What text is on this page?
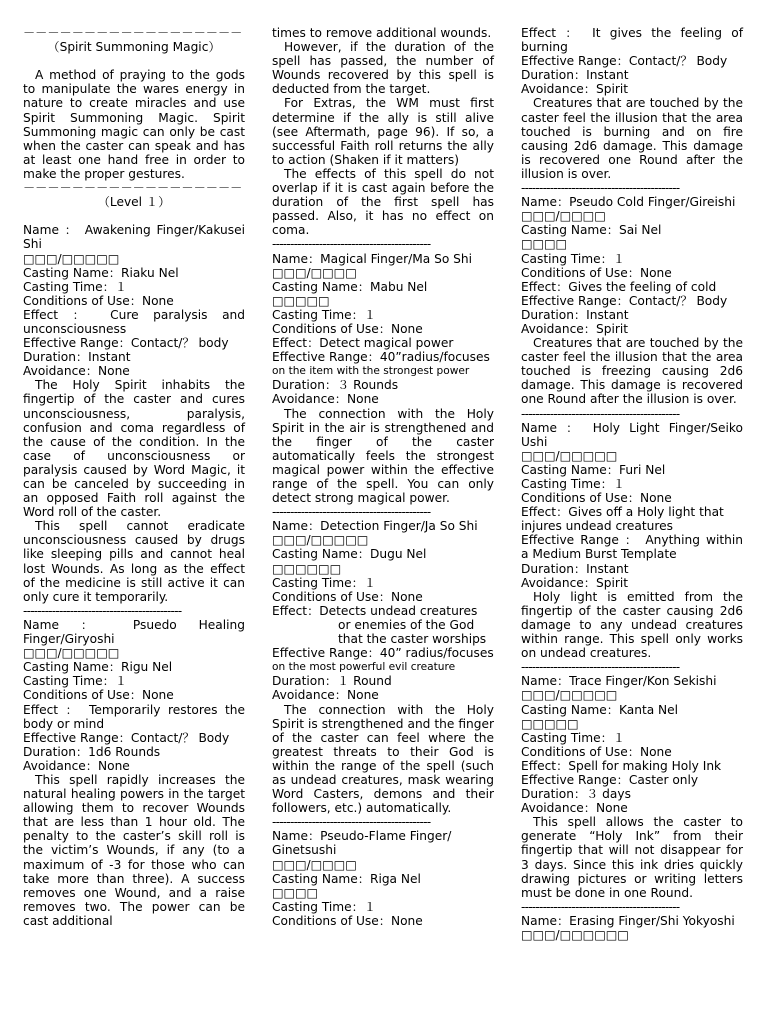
－－－－－－－－－－－－－－－－－－
（Spirit Summoning Magic）
A method of praying to the gods to manipulate the wares energy in nature to create miracles and use Spirit Summoning Magic. Spirit Summoning magic can only be cast when the caster can speak and has at least one hand free in order to make the proper gestures.
－－－－－－－－－－－－－－－－－－
（Level １）
Name ： Awakening Finger/Kakusei Shi
□□□/□□□□□
Casting Name：Riaku Nel
Casting Time：１
Conditions of Use：None
Effect ： Cure paralysis and unconsciousness
Effective Range：Contact/？ body
Duration：Instant
Avoidance：None
The Holy Spirit inhabits the fingertip of the caster and cures unconsciousness, paralysis, confusion and coma regardless of the cause of the condition. In the case of unconsciousness or paralysis caused by Word Magic, it can be canceled by succeeding in an opposed Faith roll against the Word roll of the caster.
This spell cannot eradicate unconsciousness caused by drugs like sleeping pills and cannot heal lost Wounds. As long as the effect of the medicine is still active it can only cure it temporarily.
--------------------------------------------
Name ： Psuedo Healing Finger/Giryoshi
□□□/□□□□□
Casting Name：Rigu Nel
Casting Time：１
Conditions of Use：None
Effect ： Temporarily restores the body or mind
Effective Range：Contact/？ Body
Duration：1d6 Rounds
Avoidance：None
This spell rapidly increases the natural healing powers in the target allowing them to recover Wounds that are less than 1 hour old. The penalty to the caster’s skill roll is the victim’s Wounds, if any (to a maximum of -3 for those who can take more than three). A success removes one Wound, and a raise removes two. The power can be cast additional
times to remove additional wounds.
However, if the duration of the spell has passed, the number of Wounds recovered by this spell is deducted from the target.
For Extras, the WM must first determine if the ally is still alive (see Aftermath, page 96). If so, a successful Faith roll returns the ally to action (Shaken if it matters)
The effects of this spell do not overlap if it is cast again before the duration of the first spell has passed. Also, it has no effect on coma.
--------------------------------------------
Name：Magical Finger/Ma So Shi
□□□/□□□□
Casting Name：Mabu Nel
□□□□□
Casting Time：１
Conditions of Use：None
Effect：Detect magical power
Effective Range：40”radius/focuses
on the item with the strongest power
Duration：３ Rounds
Avoidance：None
The connection with the Holy Spirit in the air is strengthened and the finger of the caster automatically feels the strongest magical power within the effective range of the spell. You can only detect strong magical power.
--------------------------------------------
Name：Detection Finger/Ja So Shi
□□□/□□□□□
Casting Name：Dugu Nel
□□□□□□
Casting Time：１
Conditions of Use：None
Effect：Detects undead creatures
or enemies of the God
that the caster worships
Effective Range：40” radius/focuses
on the most powerful evil creature
Duration：１ Round
Avoidance：None
The connection with the Holy Spirit is strengthened and the finger of the caster can feel where the greatest threats to their God is within the range of the spell (such as undead creatures, mask wearing Word Casters, demons and their followers, etc.) automatically.
--------------------------------------------
Name：Pseudo-Flame Finger/
Ginetsushi
□□□/□□□□
Casting Name：Riga Nel
□□□□
Casting Time：１
Conditions of Use：None
Effect ： It gives the feeling of burning
Effective Range：Contact/？ Body
Duration：Instant
Avoidance：Spirit
Creatures that are touched by the caster feel the illusion that the area touched is burning and on fire causing 2d6 damage. This damage is recovered one Round after the illusion is over.
--------------------------------------------
Name：Pseudo Cold Finger/Gireishi
□□□/□□□□
Casting Name：Sai Nel
□□□□
Casting Time：１
Conditions of Use：None
Effect：Gives the feeling of cold
Effective Range：Contact/？ Body
Duration：Instant
Avoidance：Spirit
Creatures that are touched by the caster feel the illusion that the area touched is freezing causing 2d6 damage. This damage is recovered one Round after the illusion is over.
--------------------------------------------
Name ： Holy Light Finger/Seiko Ushi
□□□/□□□□□
Casting Name：Furi Nel
Casting Time：１
Conditions of Use：None
Effect：Gives off a Holy light that injures undead creatures
Effective Range ： Anything within a Medium Burst Template
Duration：Instant
Avoidance：Spirit
Holy light is emitted from the fingertip of the caster causing 2d6 damage to any undead creatures within range. This spell only works on undead creatures.
--------------------------------------------
Name：Trace Finger/Kon Sekishi
□□□/□□□□□
Casting Name：Kanta Nel
□□□□□
Casting Time：１
Conditions of Use：None
Effect：Spell for making Holy Ink
Effective Range：Caster only
Duration：３ days
Avoidance：None
This spell allows the caster to generate “Holy Ink” from their fingertip that will not disappear for 3 days. Since this ink dries quickly drawing pictures or writing letters must be done in one Round.
--------------------------------------------
Name：Erasing Finger/Shi Yokyoshi
□□□/□□□□□□
